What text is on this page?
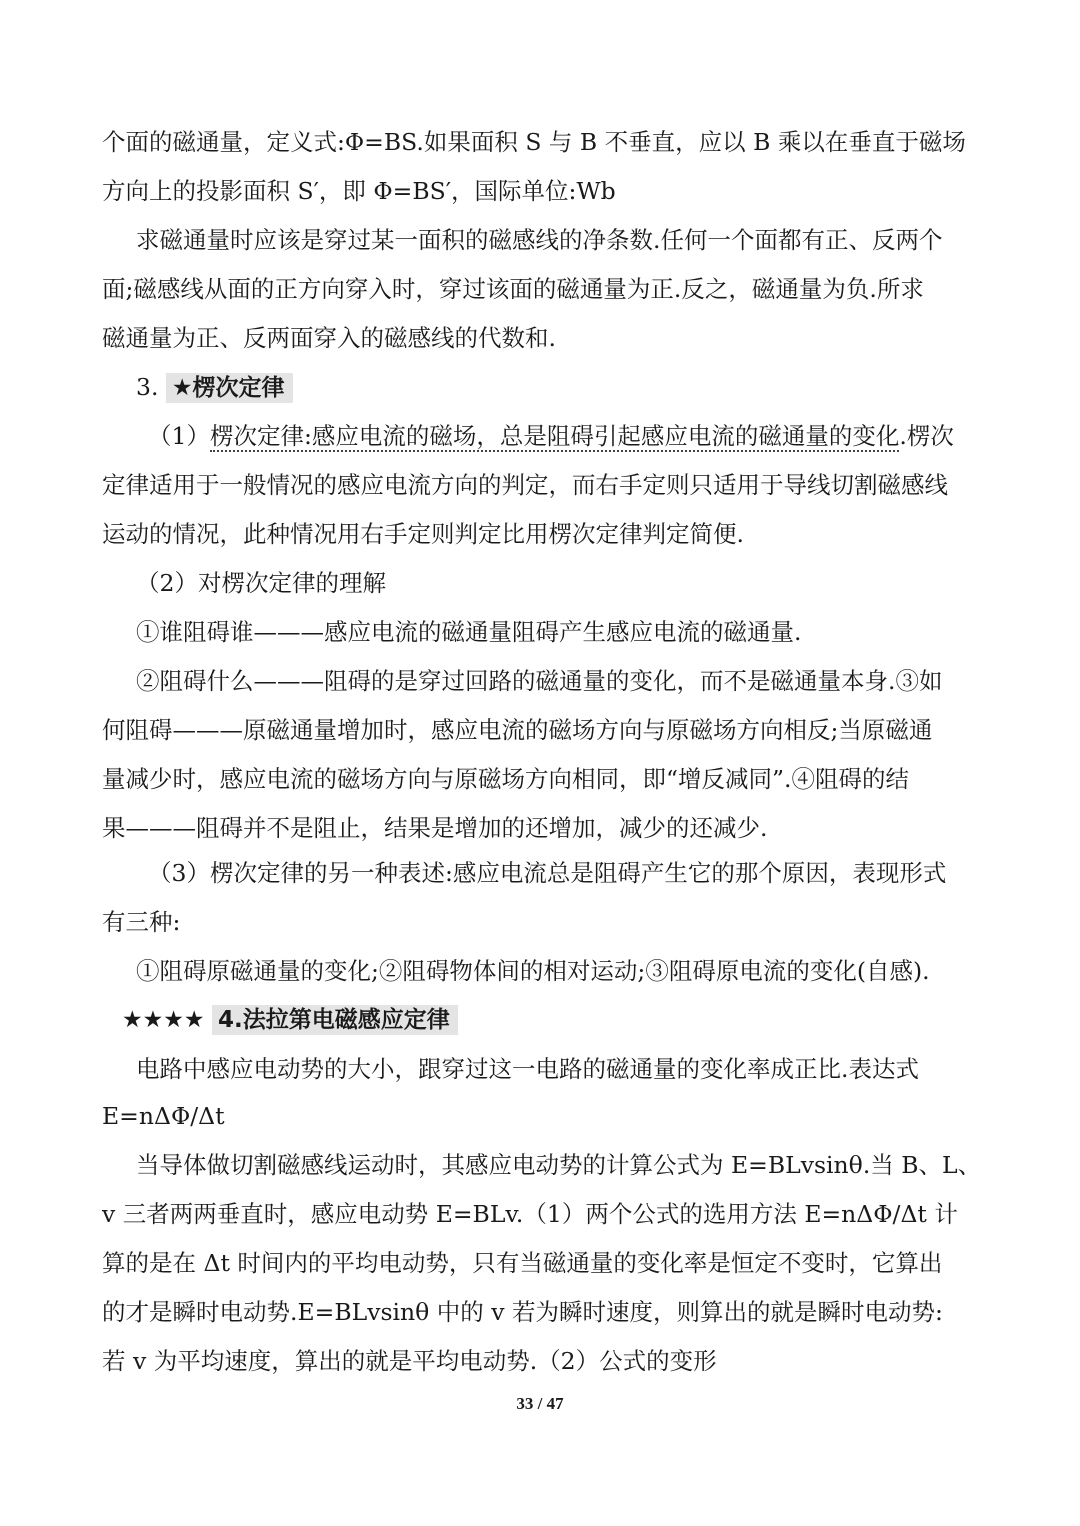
个面的磁通量，定义式:Φ=BS.如果面积 S 与 B 不垂直，应以 B 乘以在垂直于磁场
方向上的投影面积 S′，即 Φ=BS′，国际单位:Wb
求磁通量时应该是穿过某一面积的磁感线的净条数.任何一个面都有正、反两个
面;磁感线从面的正方向穿入时，穿过该面的磁通量为正.反之，磁通量为负.所求
磁通量为正、反两面穿入的磁感线的代数和.
3. ★楞次定律
（1）楞次定律:感应电流的磁场，总是阻碍引起感应电流的磁通量的变化.楞次
定律适用于一般情况的感应电流方向的判定，而右手定则只适用于导线切割磁感线
运动的情况，此种情况用右手定则判定比用楞次定律判定简便.
（2）对楞次定律的理解
①谁阻碍谁———感应电流的磁通量阻碍产生感应电流的磁通量.
②阻碍什么———阻碍的是穿过回路的磁通量的变化，而不是磁通量本身.③如
何阻碍———原磁通量增加时，感应电流的磁场方向与原磁场方向相反;当原磁通
量减少时，感应电流的磁场方向与原磁场方向相同，即“增反减同”.④阻碍的结
果———阻碍并不是阻止，结果是增加的还增加，减少的还减少.
（3）楞次定律的另一种表述:感应电流总是阻碍产生它的那个原因，表现形式
有三种:
①阻碍原磁通量的变化;②阻碍物体间的相对运动;③阻碍原电流的变化(自感).
★★★★ 4.法拉第电磁感应定律
电路中感应电动势的大小，跟穿过这一电路的磁通量的变化率成正比.表达式
E=nΔΦ/Δt
当导体做切割磁感线运动时，其感应电动势的计算公式为 E=BLvsinθ.当 B、L、
v 三者两两垂直时，感应电动势 E=BLv.（1）两个公式的选用方法 E=nΔΦ/Δt 计
算的是在 Δt 时间内的平均电动势，只有当磁通量的变化率是恒定不变时，它算出
的才是瞬时电动势.E=BLvsinθ 中的 v 若为瞬时速度，则算出的就是瞬时电动势:
若 v 为平均速度，算出的就是平均电动势.（2）公式的变形
33 / 47
